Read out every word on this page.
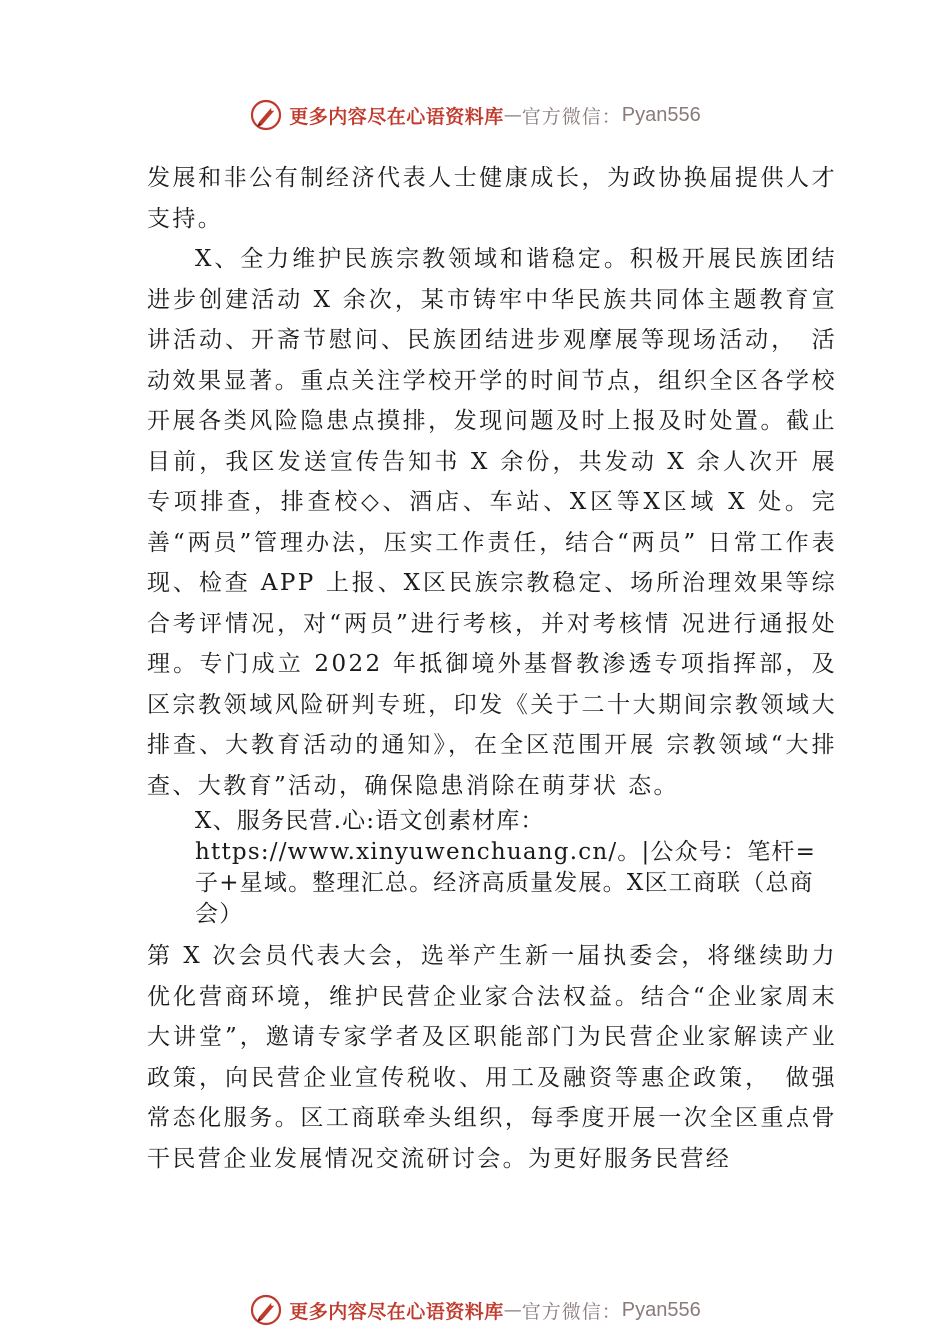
更多内容尽在心语资料库 — 官方微信： Pyan556

发展和非公有制经济代表人士健康成长，为政协换届提供人才支持。

X、全力维护民族宗教领域和谐稳定。积极开展民族团结进步创建活动 X 余次，某市铸牢中华民族共同体主题教育宣讲活动、开斋节慰问、民族团结进步观摩展等现场活动，　活动效果显著。重点关注学校开学的时间节点，组织全区各学校开展各类风险隐患点摸排，发现问题及时上报及时处置。截止目前，我区发送宣传告知书 X 余份，共发动 X 余人次开 展专项排查，排查校◇、酒店、车站、X区等X区域 X 处。完善“两员”管理办法，压实工作责任，结合“两员” 日常工作表现、检查 APP 上报、X区民族宗教稳定、场所治理效果等综合考评情况，对“两员”进行考核，并对考核情 况进行通报处理。专门成立 2022 年抵御境外基督教渗透专项指挥部，及区宗教领域风险研判专班，印发《关于二十大期间宗教领域大排查、大教育活动的通知》，在全区范围开展 宗教领域“大排查、大教育”活动，确保隐患消除在萌芽状 态。

X、服务民营.心:语文创素材库：https://www.xinyuwenchuang.cn/。|公众号：笔杆=子+星域。整理汇总。经济高质量发展。X区工商联（总商会）

第 X 次会员代表大会，选举产生新一届执委会，将继续助力优化营商环境，维护民营企业家合法权益。结合“企业家周末大讲堂”，邀请专家学者及区职能部门为民营企业家解读产业政策，向民营企业宣传税收、用工及融资等惠企政策，　做强常态化服务。区工商联牵头组织，每季度开展一次全区重点骨干民营企业发展情况交流研讨会。为更好服务民营经

更多内容尽在心语资料库 — 官方微信： Pyan556
